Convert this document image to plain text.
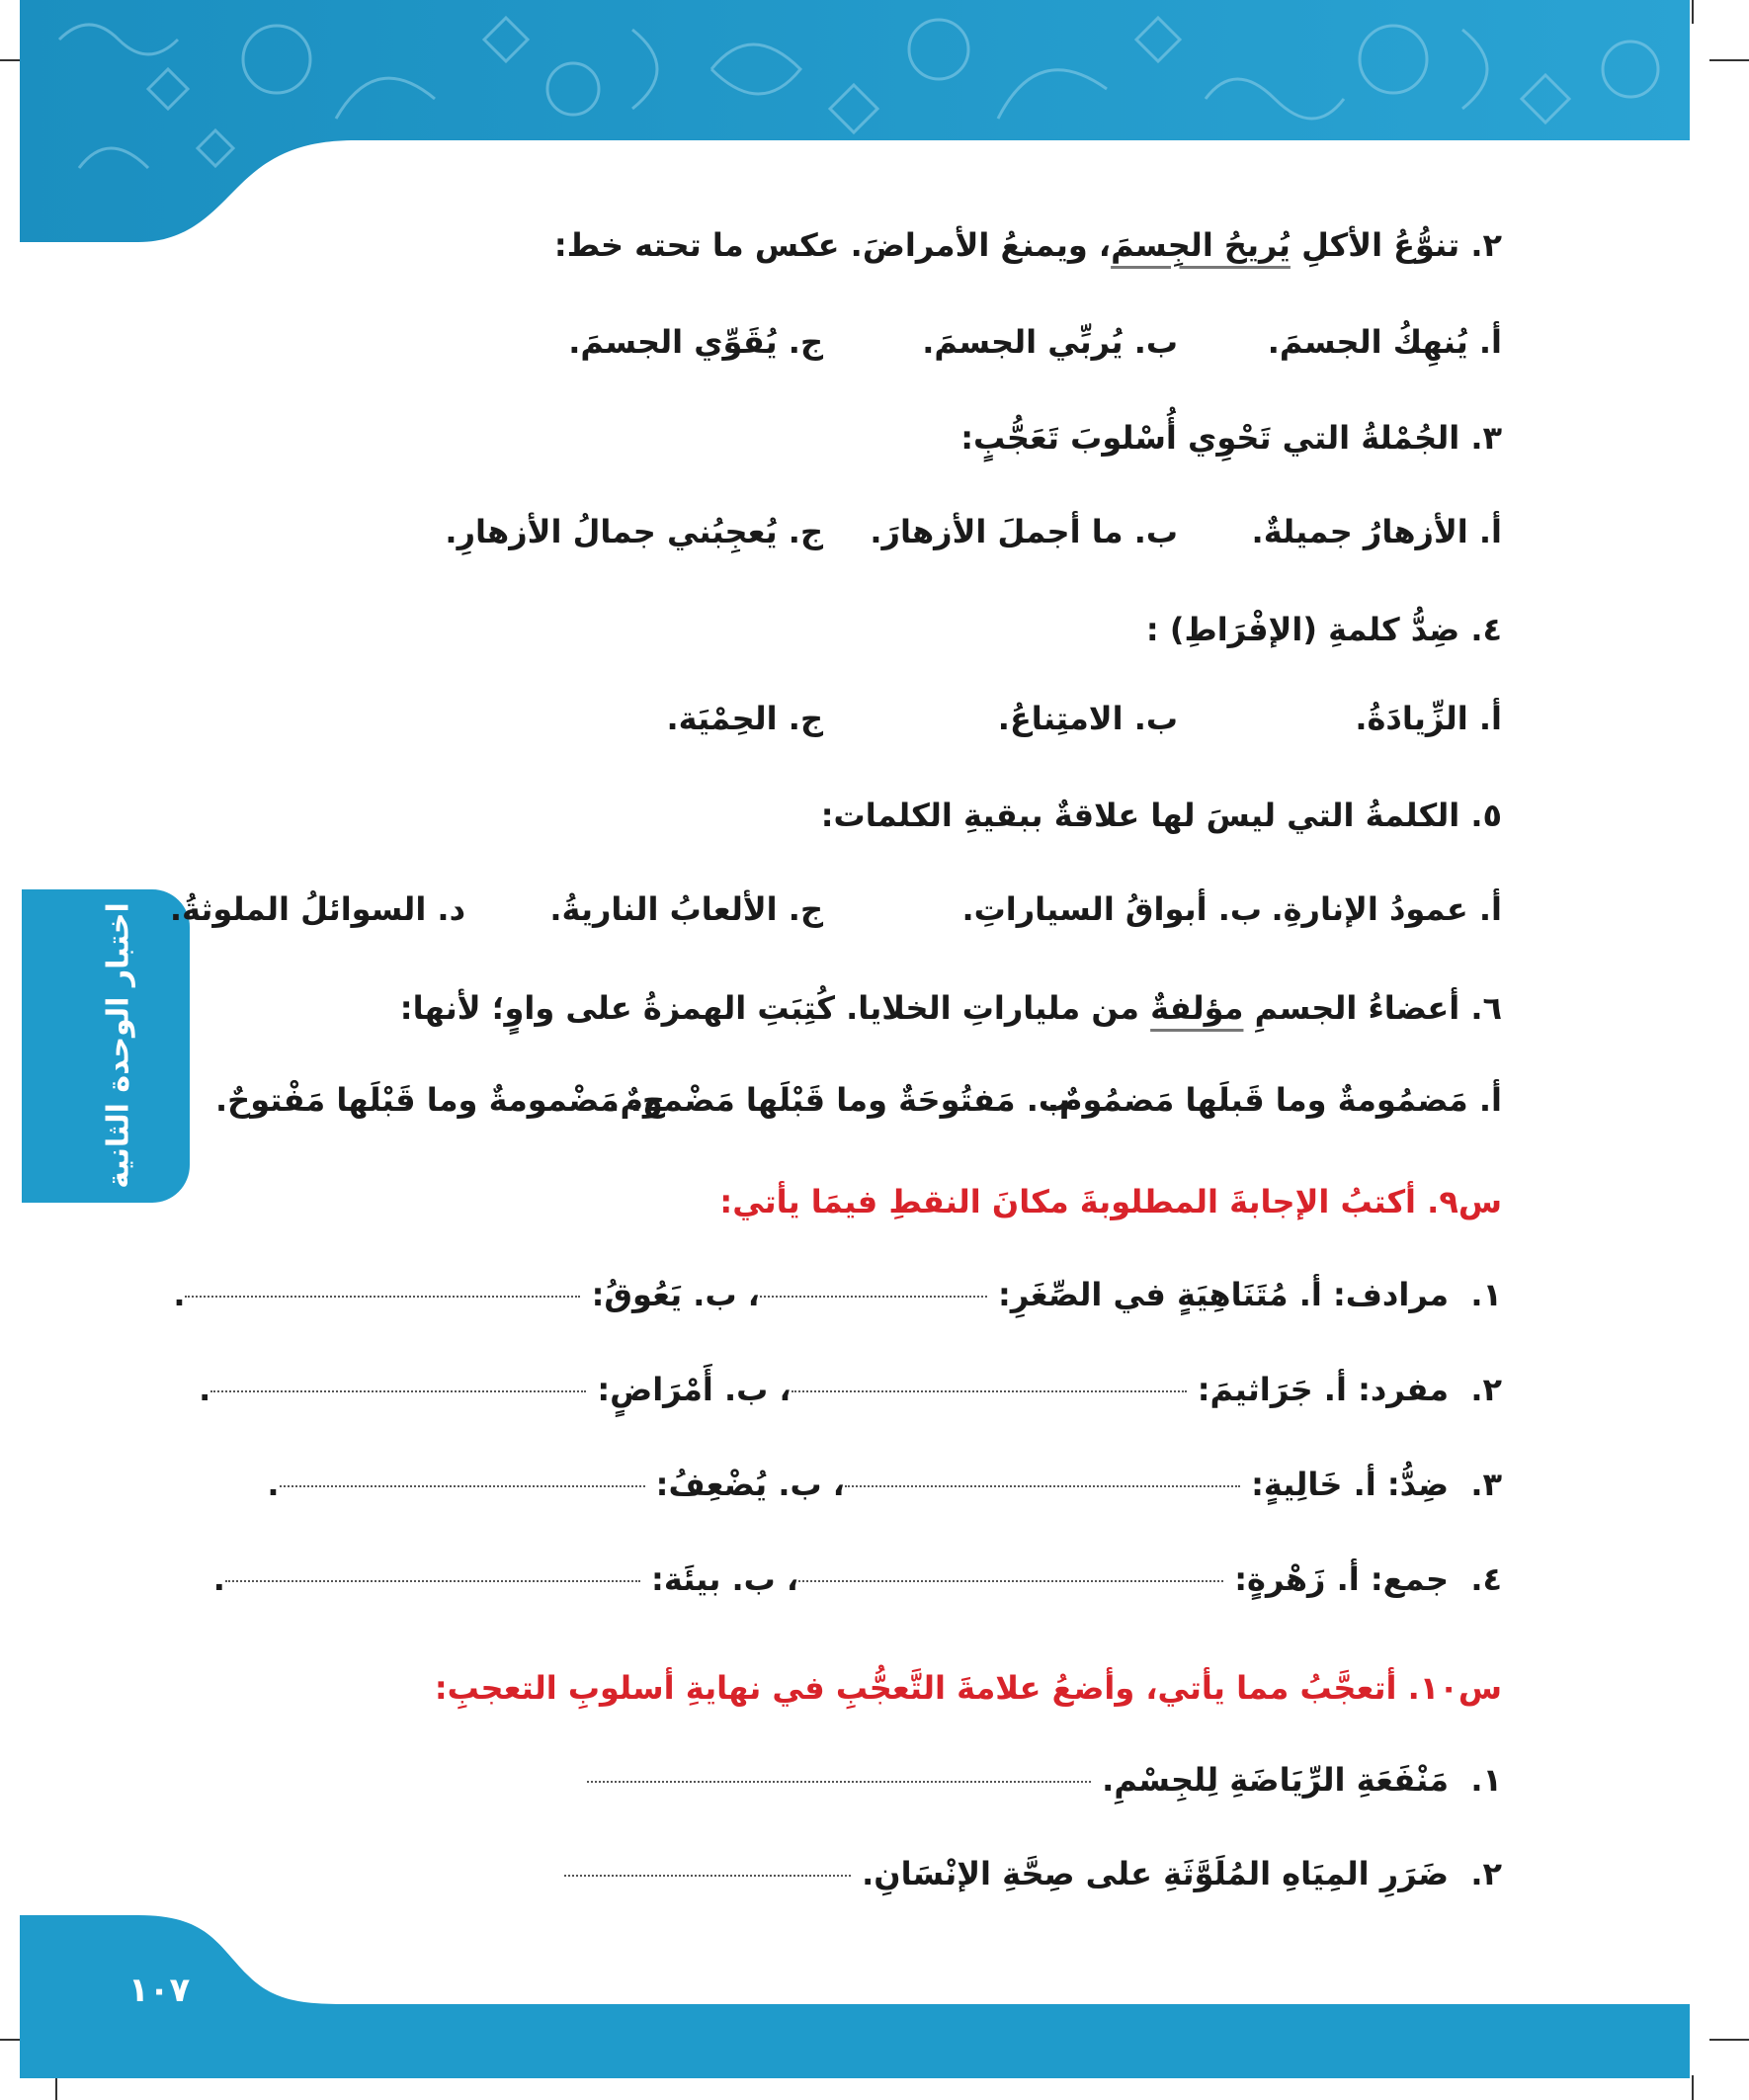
اختبار الوحدة الثانية
١٠٧
٢. تنوُّعُ الأكلِ يُريحُ الجِسمَ، ويمنعُ الأمراضَ. عكس ما تحته خط:
أ. يُنهِكُ الجسمَ.
ب. يُربِّي الجسمَ.
ج. يُقَوِّي الجسمَ.
٣. الجُمْلةُ التي تَحْوِي أُسْلوبَ تَعَجُّبٍ:
أ. الأزهارُ جميلةٌ.
ب. ما أجملَ الأزهارَ.
ج. يُعجِبُني جمالُ الأزهارِ.
٤. ضِدُّ كلمةِ (الإفْرَاطِ) :
أ. الزِّيادَةُ.
ب. الامتِناعُ.
ج. الحِمْيَة.
٥. الكلمةُ التي ليسَ لها علاقةٌ ببقيةِ الكلمات:
أ. عمودُ الإنارةِ.
ب. أبواقُ السياراتِ.
ج. الألعابُ الناريةُ.
د. السوائلُ الملوثةُ.
٦. أعضاءُ الجسمِ مؤلفةٌ من ملياراتِ الخلايا. كُتِبَتِ الهمزةُ على واوٍ؛ لأنها:
أ. مَضمُومةٌ وما قَبلَها مَضمُومٌ.
ب. مَفتُوحَةٌ وما قَبْلَها مَضْمومٌ.
ج. مَضْمومةٌ وما قَبْلَها مَفْتوحٌ.
س٩. أكتبُ الإجابةَ المطلوبةَ مكانَ النقطِ فيمَا يأتي:
١.  مرادف: أ. مُتَنَاهِيَةٍ في الصِّغَرِ: ، ب. يَعُوقُ: .
٢.  مفرد: أ. جَرَاثيمَ: ، ب. أَمْرَاضٍ: .
٣.  ضِدُّ: أ. خَالِيةٍ: ، ب. يُضْعِفُ: .
٤.  جمع: أ. زَهْرةٍ: ، ب. بيئَة: .
س١٠. أتعجَّبُ مما يأتي، وأضعُ علامةَ التَّعجُّبِ في نهايةِ أسلوبِ التعجبِ:
١.  مَنْفَعَةِ الرِّيَاضَةِ لِلجِسْمِ.
٢.  ضَرَرِ المِيَاهِ المُلَوَّثَةِ على صِحَّةِ الإنْسَانِ.
